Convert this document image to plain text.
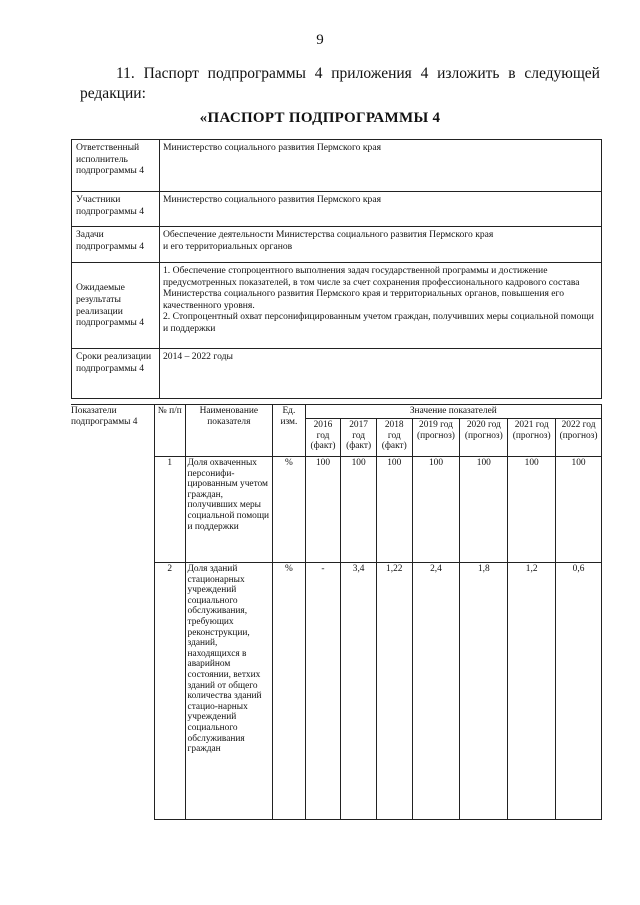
9
11. Паспорт подпрограммы 4 приложения 4 изложить в следующей
редакции:
«ПАСПОРТ ПОДПРОГРАММЫ 4
Ответственный исполнитель подпрограммы 4	Министерство социального развития Пермского края
Участники подпрограммы 4	Министерство социального развития Пермского края
Задачи подпрограммы 4	Обеспечение деятельности Министерства социального развития Пермского края
и его территориальных органов

Ожидаемые результаты реализации подпрограммы 4	1. Обеспечение стопроцентного выполнения задач государственной программы и достижение предусмотренных показателей, в том числе за счет сохранения профессионального кадрового состава Министерства социального развития Пермского края и территориальных органов, повышения его качественного уровня.
2. Стопроцентный охват персонифицированным учетом граждан, получивших меры социальной помощи и поддержки

Сроки реализации подпрограммы 4	2014 – 2022 годы
Показатели подпрограммы 4	№ п/п	Наименование показателя	Ед. изм.	Значение показателей						
				2016 год (факт)	2017 год (факт)	2018 год (факт)	2019 год (прогноз)	2020 год (прогноз)	2021 год (прогноз)	2022 год (прогноз)
	1	Доля охваченных персонифи-цированным учетом граждан, получивших меры социальной помощи и поддержки	%	100	100	100	100	100	100	100
	2	Доля зданий стационарных учреждений социального обслуживания, требующих реконструкции, зданий, находящихся в аварийном состоянии, ветхих зданий от общего количества зданий стацио-нарных учреждений социального обслуживания граждан	%	-	3,4	1,22	2,4	1,8	1,2	0,6
